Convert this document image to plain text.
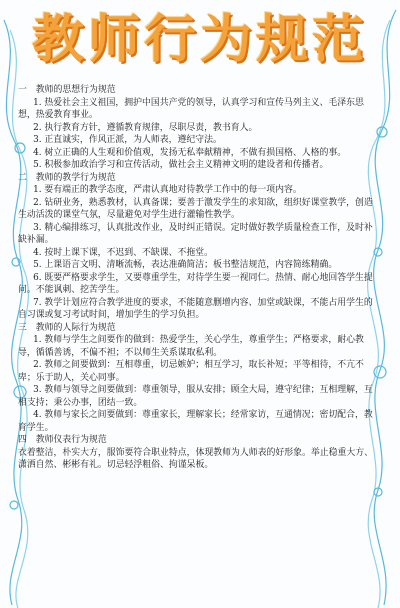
教师行为规范

一　教师的思想行为规范

1. 热爱社会主义祖国，拥护中国共产党的领导，认真学习和宣传马列主义、毛泽东思想，热爱教育事业。

2. 执行教育方针，遵循教育规律，尽职尽责，教书育人。

3. 正直诚实，作风正派，为人师表，遵纪守法。

4. 树立正确的人生观和价值观，发扬无私奉献精神，不做有损国格、人格的事。

5. 积极参加政治学习和宣传活动，做社会主义精神文明的建设者和传播者。

二　教师的教学行为规范

1. 要有端正的教学态度，严肃认真地对待教学工作中的每一项内容。

2. 钻研业务，熟悉教材，认真备课；要善于激发学生的求知欲，组织好课堂教学，创造生动活泼的课堂气氛，尽量避免对学生进行灌输性教学。

3. 精心编排练习，认真批改作业，及时纠正错误。定时做好教学质量检查工作，及时补缺补漏。

4. 按时上课下课，不迟到、不缺课、不拖堂。

5. 上课语言文明、清晰流畅，表达准确简洁；板书整洁规范，内容简练精确。

6. 既要严格要求学生，又要尊重学生，对待学生要一视同仁。热情、耐心地回答学生提问。不能讽刺、挖苦学生。

7. 教学计划应符合教学进度的要求，不能随意删增内容、加堂或缺课，不能占用学生的自习课或复习考试时间，增加学生的学习负担。

三　教师的人际行为规范

1. 教师与学生之间要作的做到：热爱学生，关心学生，尊重学生；严格要求，耐心教导，循循善诱，不偏不袒；不以师生关系谋取私利。

2. 教师之间要做到：互相尊重，切忌嫉妒；相互学习，取长补短；平等相待，不亢不卑；乐于助人，关心同事。

3. 教师与领导之间要做到：尊重领导，服从安排；顾全大局，遵守纪律；互相理解，互相支持；秉公办事，团结一致。

4. 教师与家长之间要做到：尊重家长，理解家长；经常家访，互通情况；密切配合，教育学生。

四　教师仪表行为规范

衣着整洁，朴实大方，服饰要符合职业特点，体现教师为人师表的好形象。举止稳重大方、潇洒自然、彬彬有礼。切忌轻浮粗俗、拘谨呆板。
